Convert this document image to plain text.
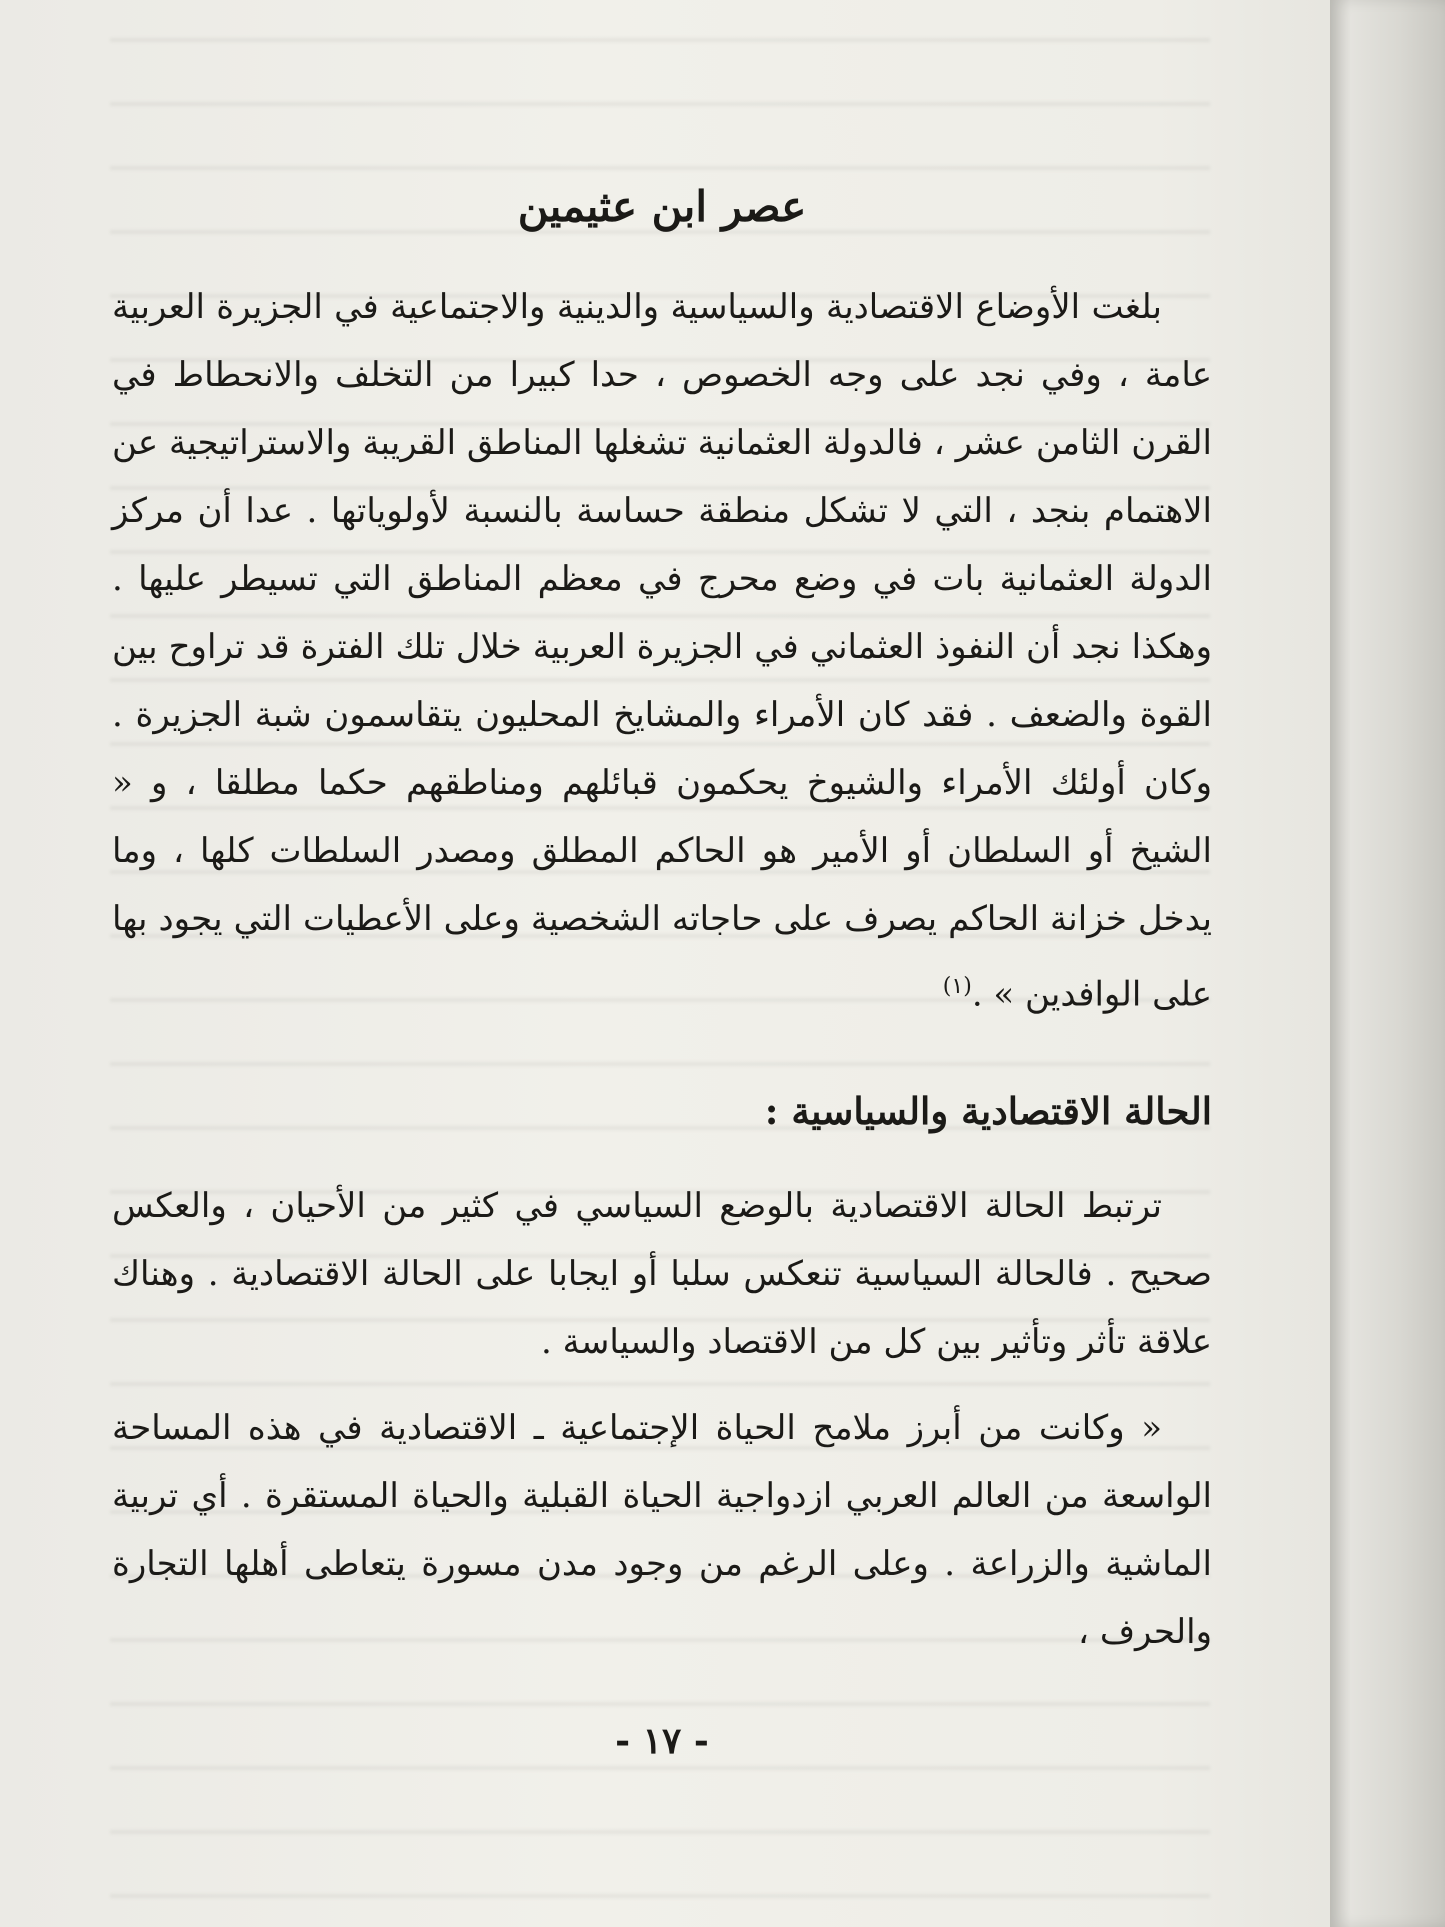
عصر ابن عثيمين

بلغت الأوضاع الاقتصادية والسياسية والدينية والاجتماعية في الجزيرة العربية عامة ، وفي نجد على وجه الخصوص ، حدا كبيرا من التخلف والانحطاط في القرن الثامن عشر ، فالدولة العثمانية تشغلها المناطق القريبة والاستراتيجية عن الاهتمام بنجد ، التي لا تشكل منطقة حساسة بالنسبة لأولوياتها . عدا أن مركز الدولة العثمانية بات في وضع محرج في معظم المناطق التي تسيطر عليها . وهكذا نجد أن النفوذ العثماني في الجزيرة العربية خلال تلك الفترة قد تراوح بين القوة والضعف . فقد كان الأمراء والمشايخ المحليون يتقاسمون شبة الجزيرة . وكان أولئك الأمراء والشيوخ يحكمون قبائلهم ومناطقهم حكما مطلقا ، و « الشيخ أو السلطان أو الأمير هو الحاكم المطلق ومصدر السلطات كلها ، وما يدخل خزانة الحاكم يصرف على حاجاته الشخصية وعلى الأعطيات التي يجود بها على الوافدين » .$^{(١)}$

الحالة الاقتصادية والسياسية :

ترتبط الحالة الاقتصادية بالوضع السياسي في كثير من الأحيان ، والعكس صحيح . فالحالة السياسية تنعكس سلبا أو ايجابا على الحالة الاقتصادية . وهناك علاقة تأثر وتأثير بين كل من الاقتصاد والسياسة .

« وكانت من أبرز ملامح الحياة الإجتماعية ـ الاقتصادية في هذه المساحة الواسعة من العالم العربي ازدواجية الحياة القبلية والحياة المستقرة . أي تربية الماشية والزراعة . وعلى الرغم من وجود مدن مسورة يتعاطى أهلها التجارة والحرف ،

- ١٧ -
